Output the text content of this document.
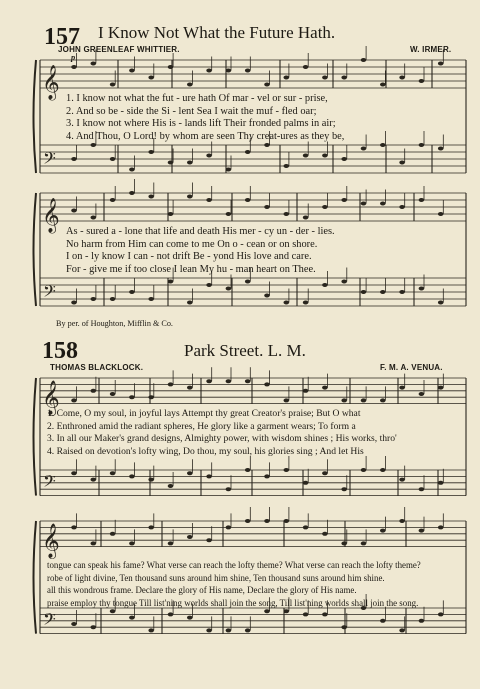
157 I Know Not What the Future Hath.
JOHN GREENLEAF WHITTIER.	W. IRMER.
p
𝄞
𝄢
𝄞
𝄢
𝄞
𝄢
𝄞
𝄢
1. I know not what the fut - ure hath Of mar - vel or sur - prise,
2. And so be - side the Si - lent Sea I wait the muf - fled oar;
3. I know not where His is - lands lift Their fronded palms in air;
4. And Thou, O Lord! by whom are seen Thy creat-ures as they be,
As - sured a - lone that life and death His mer - cy un - der - lies.
No harm from Him can come to me On o - cean or on shore.
I on - ly know I can - not drift Be - yond His love and care.
For - give me if too close I lean My hu - man heart on Thee.
By per. of Houghton, Mifflin & Co.
158	Park Street. L. M.
THOMAS BLACKLOCK.	F. M. A. VENUA.
1. Come, O my soul, in joyful lays Attempt thy great Creator's praise; But O what
2. Enthroned amid the radiant spheres, He glory like a garment wears; To form a
3. In all our Maker's grand designs, Almighty power, with wisdom shines ; His works, thro'
4. Raised on devotion's lofty wing, Do thou, my soul, his glories sing ; And let His
tongue can speak his fame? What verse can reach the lofty theme? What verse can reach the lofty theme?
robe of light divine, Ten thousand suns around him shine, Ten thousand suns around him shine.
all this wondrous frame. Declare the glory of His name, Declare the glory of His name.
praise employ thy tongue Till list'ning worlds shall join the song, Till list'ning worlds shall join the song.
